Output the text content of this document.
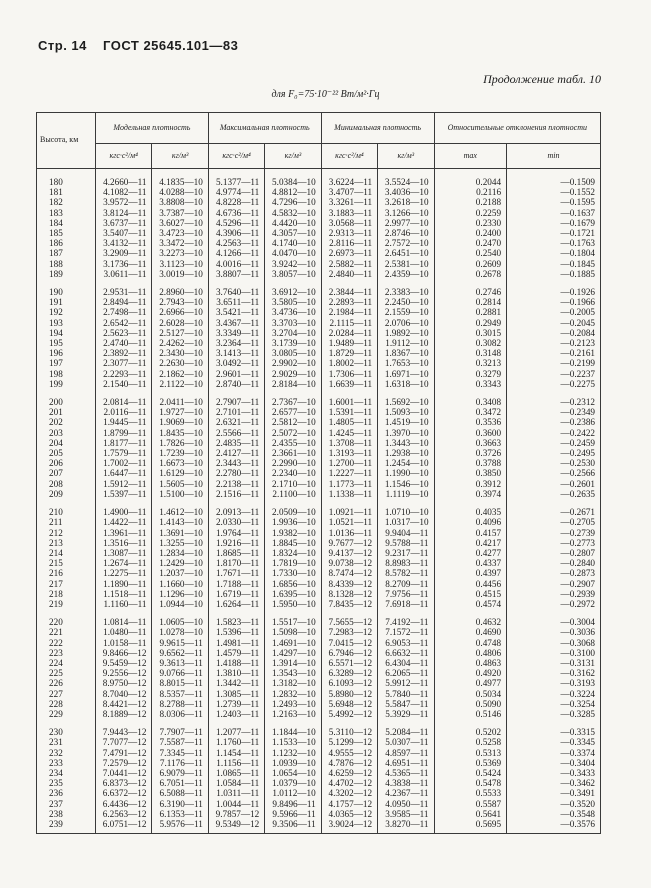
Стр. 14 ГОСТ 25645.101—83
Продолжение табл. 10
для F₀=75·10⁻²² Вт/м²·Гц
Высота, км	Модельная плотность		Максимальная плотность		Минимальная плотность		Относительные отклонения плотности	
	кгс·с²/м⁴	кг/м³	кгс·с²/м⁴	кг/м³	кгс·с²/м⁴	кг/м³	max	min
180	4.2660—11	4.1835—10	5.1377—11	5.0384—10	3.6224—11	3.5524—10	0.2044	—0.1509
181	4.1082—11	4.0288—10	4.9774—11	4.8812—10	3.4707—11	3.4036—10	0.2116	—0.1552
182	3.9572—11	3.8808—10	4.8228—11	4.7296—10	3.3261—11	3.2618—10	0.2188	—0.1595
183	3.8124—11	3.7387—10	4.6736—11	4.5832—10	3.1883—11	3.1266—10	0.2259	—0.1637
184	3.6737—11	3.6027—10	4.5296—11	4.4420—10	3.0568—11	2.9977—10	0.2330	—0.1679
185	3.5407—11	3.4723—10	4.3906—11	4.3057—10	2.9313—11	2.8746—10	0.2400	—0.1721
186	3.4132—11	3.3472—10	4.2563—11	4.1740—10	2.8116—11	2.7572—10	0.2470	—0.1763
187	3.2909—11	3.2273—10	4.1266—11	4.0470—10	2.6973—11	2.6451—10	0.2540	—0.1804
188	3.1736—11	3.1123—10	4.0016—11	3.9242—10	2.5882—11	2.5381—10	0.2609	—0.1845
189	3.0611—11	3.0019—10	3.8807—11	3.8057—10	2.4840—11	2.4359—10	0.2678	—0.1885
190	2.9531—11	2.8960—10	3.7640—11	3.6912—10	2.3844—11	2.3383—10	0.2746	—0.1926
191	2.8494—11	2.7943—10	3.6511—11	3.5805—10	2.2893—11	2.2450—10	0.2814	—0.1966
192	2.7498—11	2.6966—10	3.5421—11	3.4736—10	2.1984—11	2.1559—10	0.2881	—0.2005
193	2.6542—11	2.6028—10	3.4367—11	3.3703—10	2.1115—11	2.0706—10	0.2949	—0.2045
194	2.5623—11	2.5127—10	3.3349—11	3.2704—10	2.0284—11	1.9892—10	0.3015	—0.2084
195	2.4740—11	2.4262—10	3.2364—11	3.1739—10	1.9489—11	1.9112—10	0.3082	—0.2123
196	2.3892—11	2.3430—10	3.1413—11	3.0805—10	1.8729—11	1.8367—10	0.3148	—0.2161
197	2.3077—11	2.2630—10	3.0492—11	2.9902—10	1.8002—11	1.7653—10	0.3213	—0.2199
198	2.2293—11	2.1862—10	2.9601—11	2.9029—10	1.7306—11	1.6971—10	0.3279	—0.2237
199	2.1540—11	2.1122—10	2.8740—11	2.8184—10	1.6639—11	1.6318—10	0.3343	—0.2275
200	2.0814—11	2.0411—10	2.7907—11	2.7367—10	1.6001—11	1.5692—10	0.3408	—0.2312
201	2.0116—11	1.9727—10	2.7101—11	2.6577—10	1.5391—11	1.5093—10	0.3472	—0.2349
202	1.9445—11	1.9069—10	2.6321—11	2.5812—10	1.4805—11	1.4519—10	0.3536	—0.2386
203	1.8799—11	1.8435—10	2.5566—11	2.5072—10	1.4245—11	1.3970—10	0.3600	—0.2422
204	1.8177—11	1.7826—10	2.4835—11	2.4355—10	1.3708—11	1.3443—10	0.3663	—0.2459
205	1.7579—11	1.7239—10	2.4127—11	2.3661—10	1.3193—11	1.2938—10	0.3726	—0.2495
206	1.7002—11	1.6673—10	2.3443—11	2.2990—10	1.2700—11	1.2454—10	0.3788	—0.2530
207	1.6447—11	1.6129—10	2.2780—11	2.2340—10	1.2227—11	1.1990—10	0.3850	—0.2566
208	1.5912—11	1.5605—10	2.2138—11	2.1710—10	1.1773—11	1.1546—10	0.3912	—0.2601
209	1.5397—11	1.5100—10	2.1516—11	2.1100—10	1.1338—11	1.1119—10	0.3974	—0.2635
210	1.4900—11	1.4612—10	2.0913—11	2.0509—10	1.0921—11	1.0710—10	0.4035	—0.2671
211	1.4422—11	1.4143—10	2.0330—11	1.9936—10	1.0521—11	1.0317—10	0.4096	—0.2705
212	1.3961—11	1.3691—10	1.9764—11	1.9382—10	1.0136—11	9.9404—11	0.4157	—0.2739
213	1.3516—11	1.3255—10	1.9216—11	1.8845—10	9.7677—12	9.5788—11	0.4217	—0.2773
214	1.3087—11	1.2834—10	1.8685—11	1.8324—10	9.4137—12	9.2317—11	0.4277	—0.2807
215	1.2674—11	1.2429—10	1.8170—11	1.7819—10	9.0738—12	8.8983—11	0.4337	—0.2840
216	1.2275—11	1.2037—10	1.7671—11	1.7330—10	8.7474—12	8.5782—11	0.4397	—0.2873
217	1.1890—11	1.1660—10	1.7188—11	1.6856—10	8.4339—12	8.2709—11	0.4456	—0.2907
218	1.1518—11	1.1296—10	1.6719—11	1.6395—10	8.1328—12	7.9756—11	0.4515	—0.2939
219	1.1160—11	1.0944—10	1.6264—11	1.5950—10	7.8435—12	7.6918—11	0.4574	—0.2972
220	1.0814—11	1.0605—10	1.5823—11	1.5517—10	7.5655—12	7.4192—11	0.4632	—0.3004
221	1.0480—11	1.0278—10	1.5396—11	1.5098—10	7.2983—12	7.1572—11	0.4690	—0.3036
222	1.0158—11	9.9615—11	1.4981—11	1.4691—10	7.0415—12	6.9053—11	0.4748	—0.3068
223	9.8466—12	9.6562—11	1.4579—11	1.4297—10	6.7946—12	6.6632—11	0.4806	—0.3100
224	9.5459—12	9.3613—11	1.4188—11	1.3914—10	6.5571—12	6.4304—11	0.4863	—0.3131
225	9.2556—12	9.0766—11	1.3810—11	1.3543—10	6.3289—12	6.2065—11	0.4920	—0.3162
226	8.9750—12	8.8015—11	1.3442—11	1.3182—10	6.1093—12	5.9912—11	0.4977	—0.3193
227	8.7040—12	8.5357—11	1.3085—11	1.2832—10	5.8980—12	5.7840—11	0.5034	—0.3224
228	8.4421—12	8.2788—11	1.2739—11	1.2493—10	5.6948—12	5.5847—11	0.5090	—0.3254
229	8.1889—12	8.0306—11	1.2403—11	1.2163—10	5.4992—12	5.3929—11	0.5146	—0.3285
230	7.9443—12	7.7907—11	1.2077—11	1.1844—10	5.3110—12	5.2084—11	0.5202	—0.3315
231	7.7077—12	7.5587—11	1.1760—11	1.1533—10	5.1299—12	5.0307—11	0.5258	—0.3345
232	7.4791—12	7.3345—11	1.1454—11	1.1232—10	4.9555—12	4.8597—11	0.5313	—0.3374
233	7.2579—12	7.1176—11	1.1156—11	1.0939—10	4.7876—12	4.6951—11	0.5369	—0.3404
234	7.0441—12	6.9079—11	1.0865—11	1.0654—10	4.6259—12	4.5365—11	0.5424	—0.3433
235	6.8373—12	6.7051—11	1.0584—11	1.0379—10	4.4702—12	4.3838—11	0.5478	—0.3462
236	6.6372—12	6.5088—11	1.0311—11	1.0112—10	4.3202—12	4.2367—11	0.5533	—0.3491
237	6.4436—12	6.3190—11	1.0044—11	9.8496—11	4.1757—12	4.0950—11	0.5587	—0.3520
238	6.2563—12	6.1353—11	9.7857—12	9.5966—11	4.0365—12	3.9585—11	0.5641	—0.3548
239	6.0751—12	5.9576—11	9.5349—12	9.3506—11	3.9024—12	3.8270—11	0.5695	—0.3576
